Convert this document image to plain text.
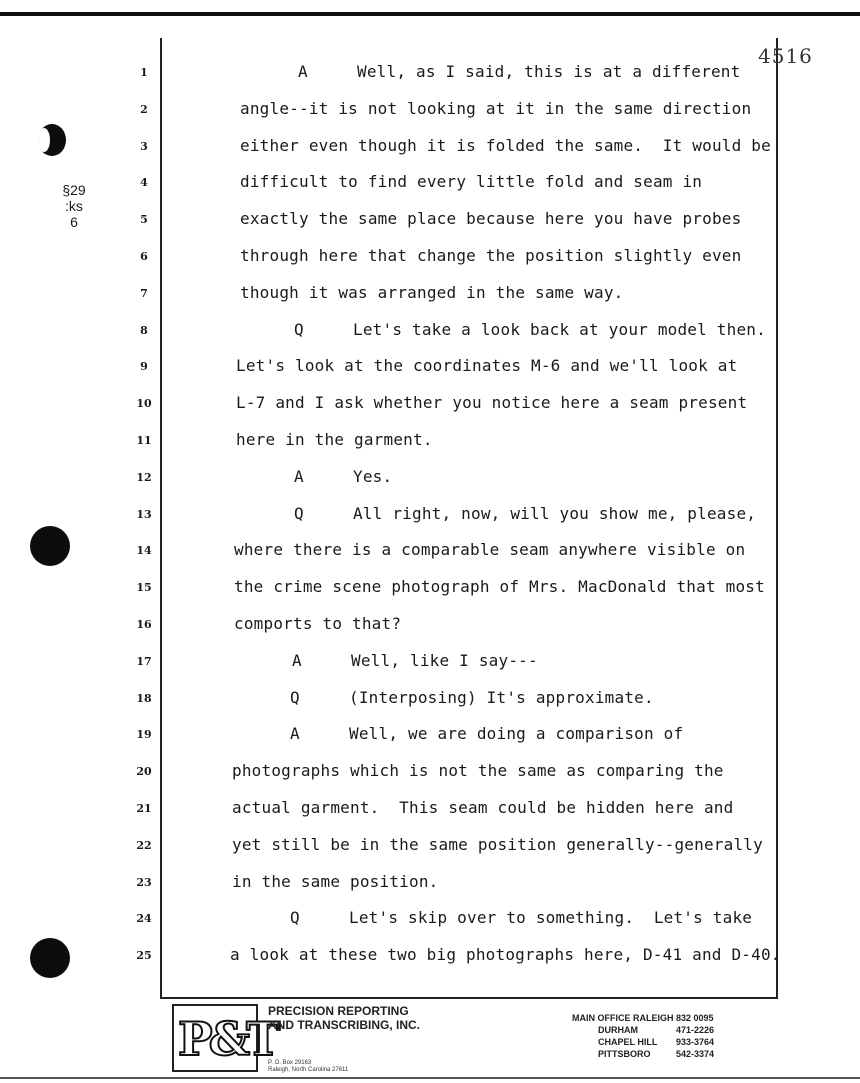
4516
§29
:ks
6
1	A     Well, as I said, this is at a different
2	angle--it is not looking at it in the same direction
3	either even though it is folded the same.  It would be
4	difficult to find every little fold and seam in
5	exactly the same place because here you have probes
6	through here that change the position slightly even
7	though it was arranged in the same way.
8	Q     Let's take a look back at your model then.
9	Let's look at the coordinates M-6 and we'll look at
10	L-7 and I ask whether you notice here a seam present
11	here in the garment.
12	A     Yes.
13	Q     All right, now, will you show me, please,
14	where there is a comparable seam anywhere visible on
15	the crime scene photograph of Mrs. MacDonald that most
16	comports to that?
17	A     Well, like I say---
18	Q     (Interposing) It's approximate.
19	A     Well, we are doing a comparison of
20	photographs which is not the same as comparing the
21	actual garment.  This seam could be hidden here and
22	yet still be in the same position generally--generally
23	in the same position.
24	Q     Let's skip over to something.  Let's take
25	a look at these two big photographs here, D-41 and D-40.
P&T
PRECISION REPORTING
AND TRANSCRIBING, INC.
P. O. Box 29163
Raleigh, North Carolina 27611
MAIN OFFICE RALEIGH 832 0095
DURHAM	471-2226
CHAPEL HILL	933-3764
PITTSBORO	542-3374
